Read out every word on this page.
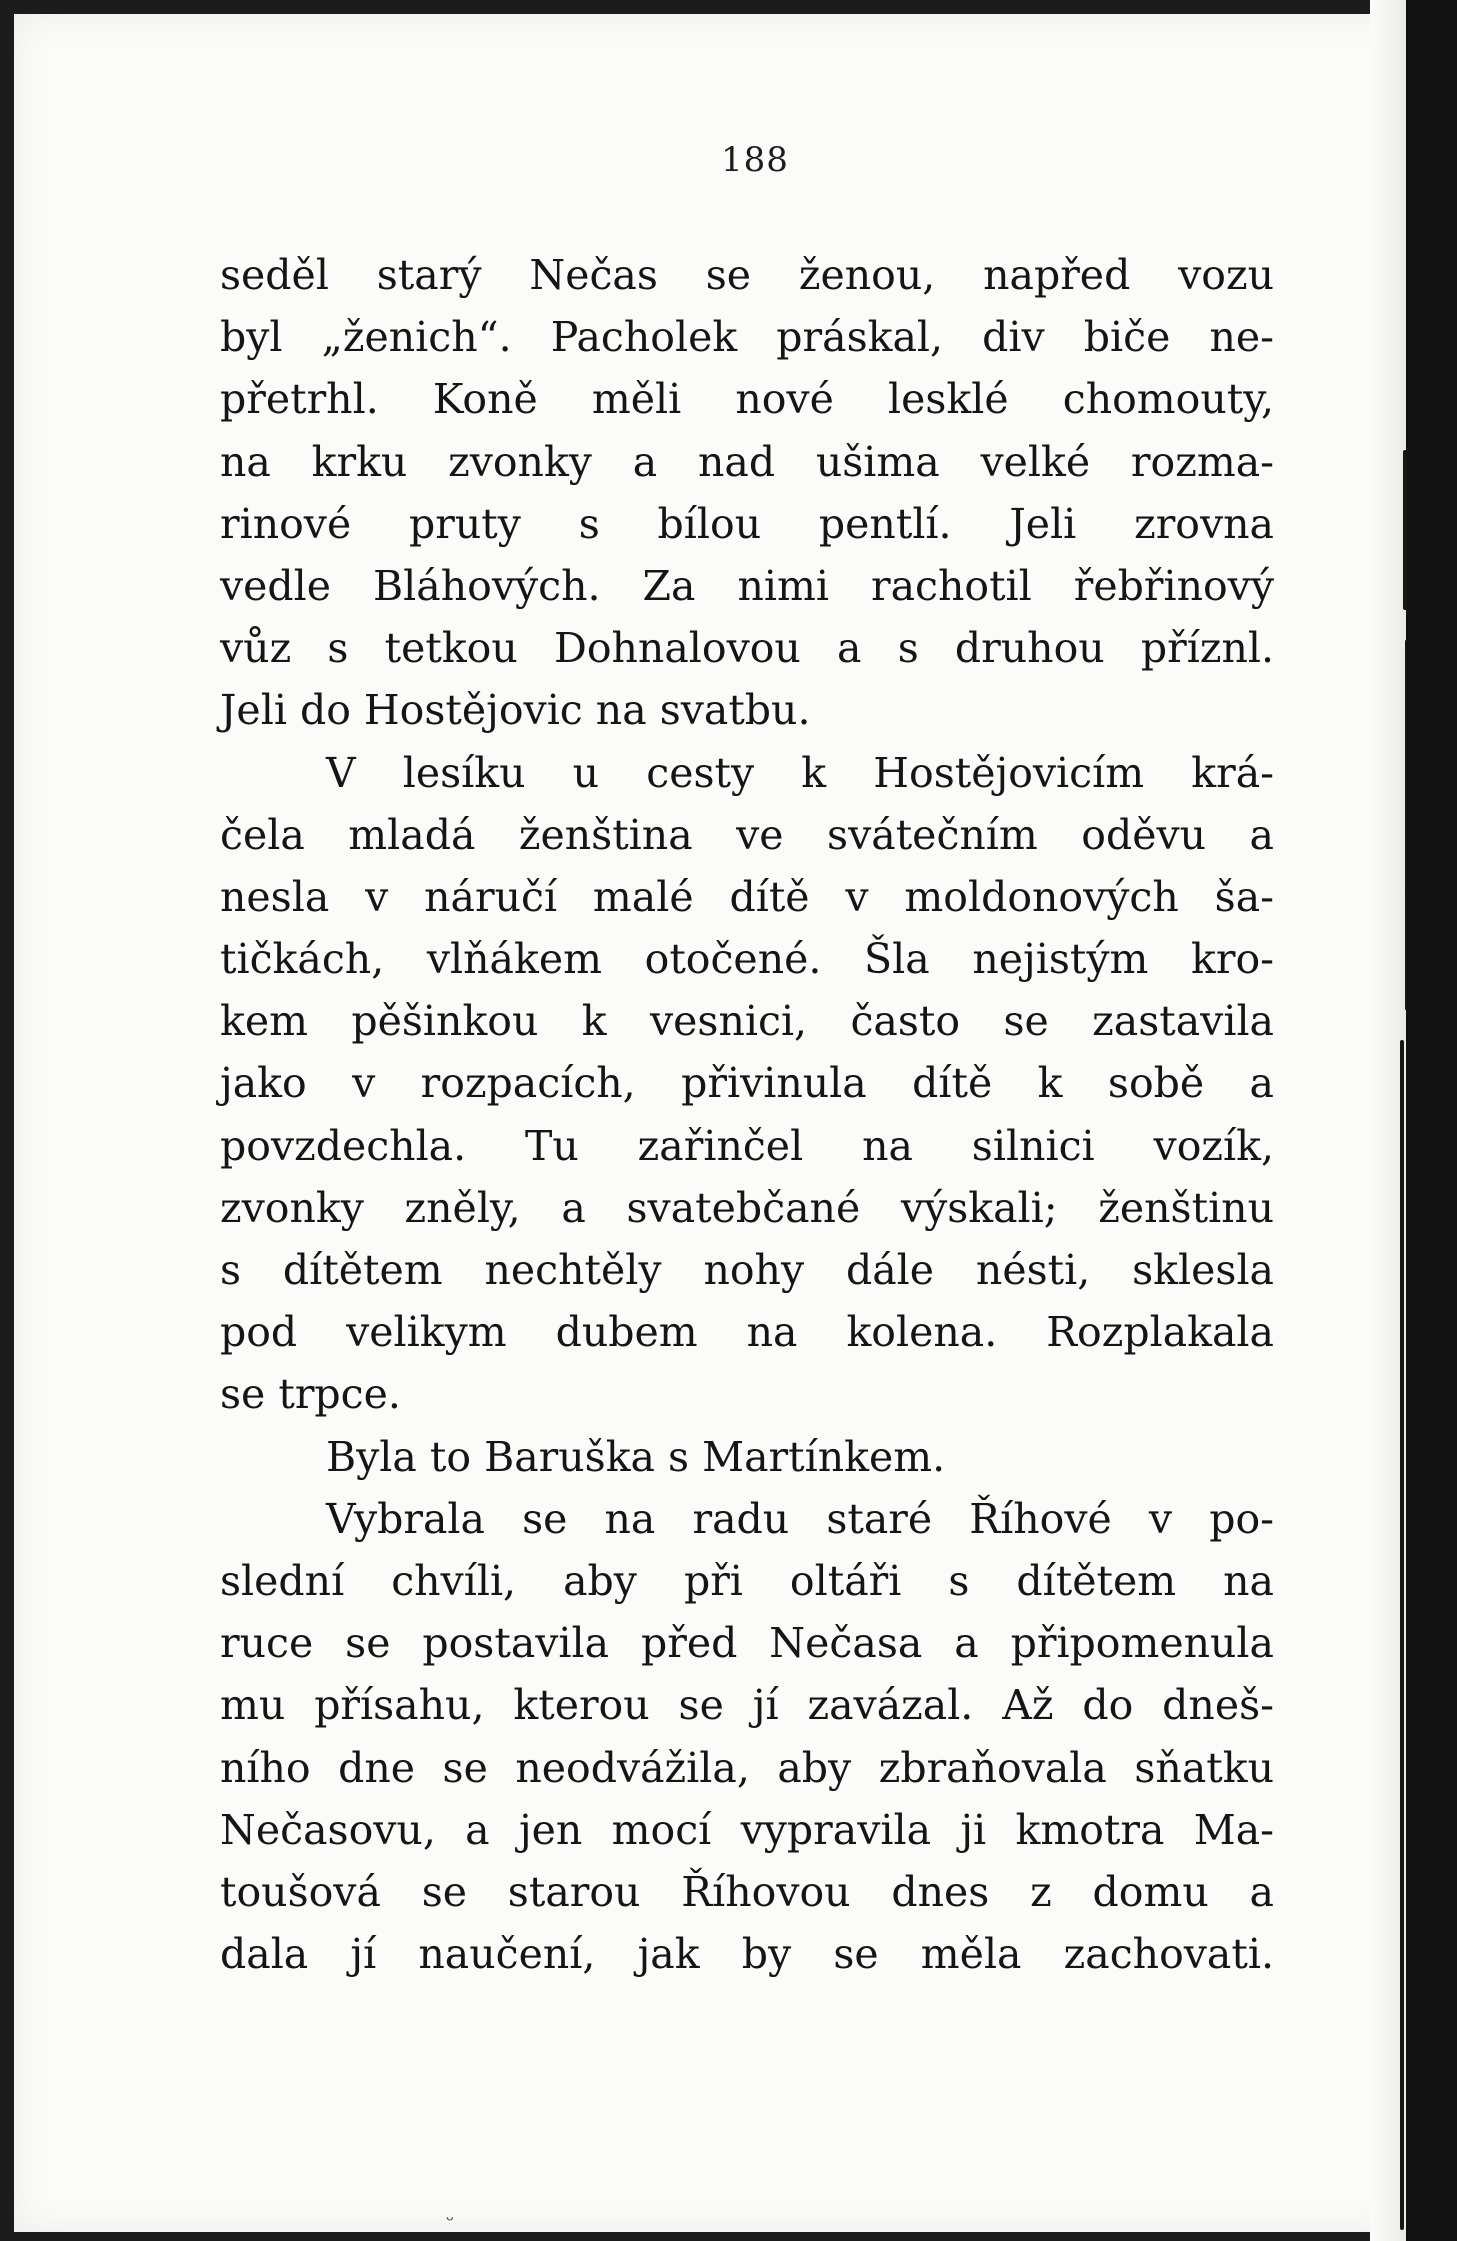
188
seděl starý Nečas se ženou, napřed vozu
byl „ženich“. Pacholek práskal, div biče ne-
přetrhl. Koně měli nové lesklé chomouty,
na krku zvonky a nad ušima velké rozma-
rinové pruty s bílou pentlí. Jeli zrovna
vedle Bláhových. Za nimi rachotil řebřinový
vůz s tetkou Dohnalovou a s druhou příznl.
Jeli do Hostějovic na svatbu.
V lesíku u cesty k Hostějovicím krá-
čela mladá ženština ve svátečním oděvu a
nesla v náručí malé dítě v moldonových ša-
tičkách, vlňákem otočené. Šla nejistým kro-
kem pěšinkou k vesnici, často se zastavila
jako v rozpacích, přivinula dítě k sobě a
povzdechla. Tu zařinčel na silnici vozík,
zvonky zněly, a svatebčané výskali; ženštinu
s dítětem nechtěly nohy dále nésti, sklesla
pod velikym dubem na kolena. Rozplakala
se trpce.
Byla to Baruška s Martínkem.
Vybrala se na radu staré Říhové v po-
slední chvíli, aby při oltáři s dítětem na
ruce se postavila před Nečasa a připomenula
mu přísahu, kterou se jí zavázal. Až do dneš-
ního dne se neodvážila, aby zbraňovala sňatku
Nečasovu, a jen mocí vypravila ji kmotra Ma-
toušová se starou Říhovou dnes z domu a
dala jí naučení, jak by se měla zachovati.
ᵕ
